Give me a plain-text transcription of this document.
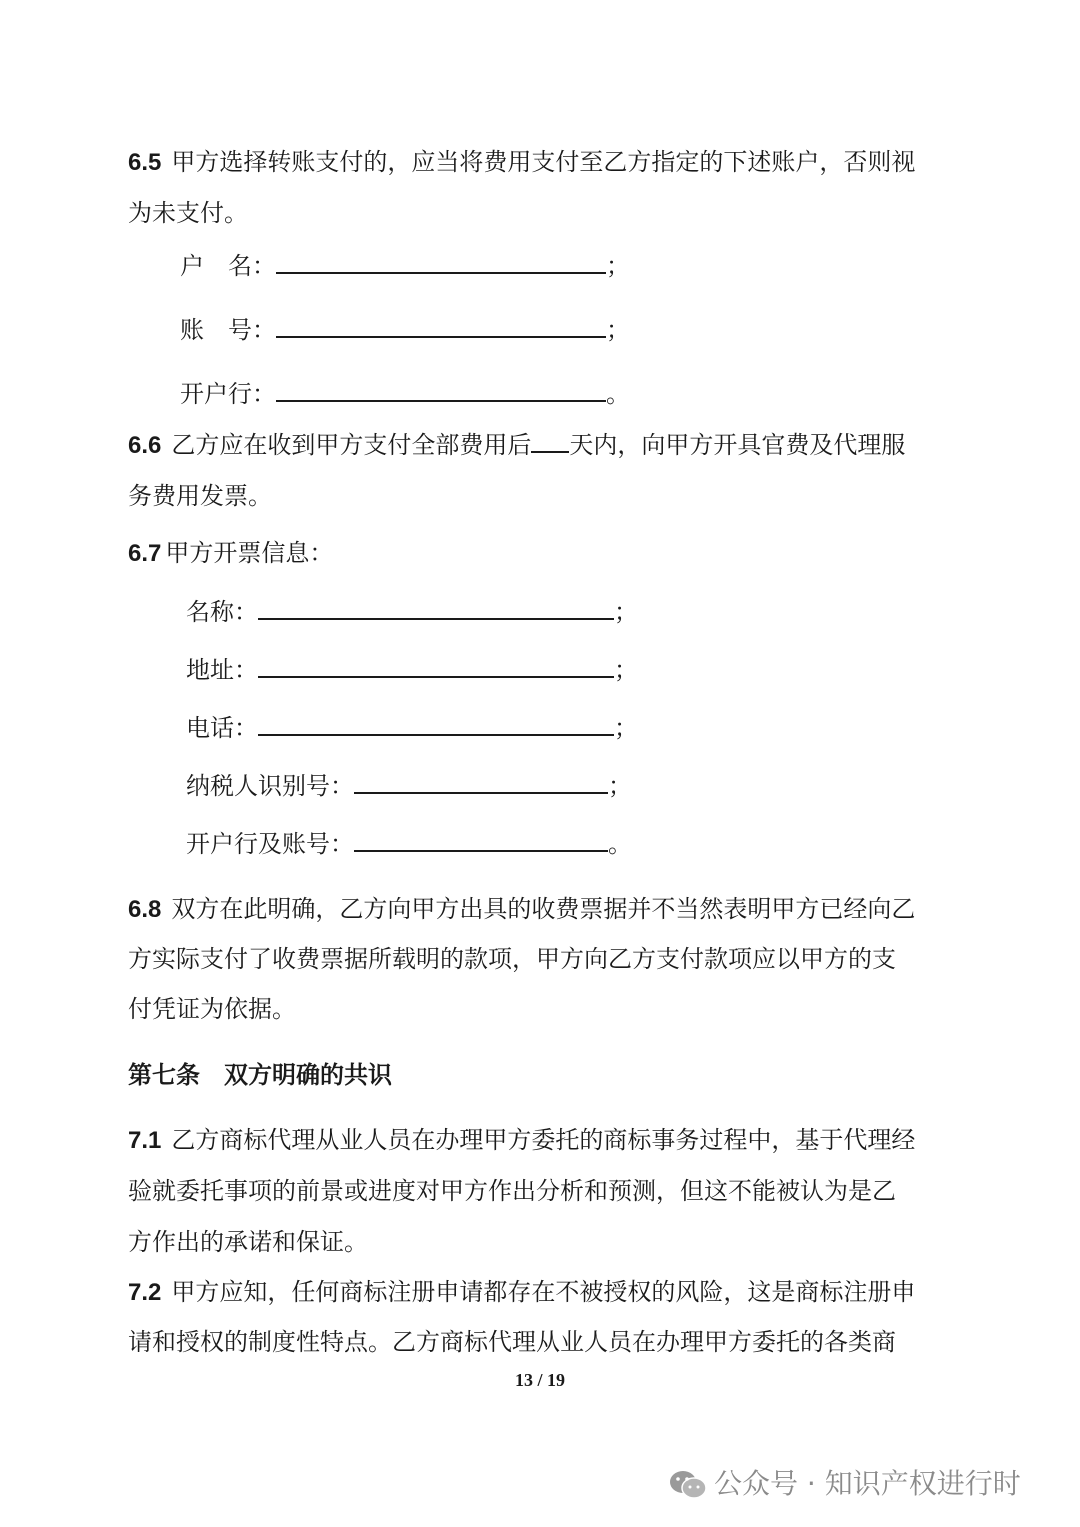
6.5 甲方选择转账支付的，应当将费用支付至乙方指定的下述账户，否则视
为未支付。
户　名：	；
账　号：	；
开户行：	。
6.6 乙方应在收到甲方支付全部费用后 天内，向甲方开具官费及代理服
务费用发票。
6.7 甲方开票信息：
名称：	；
地址：	；
电话：	；
纳税人识别号：	；
开户行及账号：	。
6.8 双方在此明确，乙方向甲方出具的收费票据并不当然表明甲方已经向乙
方实际支付了收费票据所载明的款项，甲方向乙方支付款项应以甲方的支
付凭证为依据。
第七条　双方明确的共识
7.1 乙方商标代理从业人员在办理甲方委托的商标事务过程中，基于代理经
验就委托事项的前景或进度对甲方作出分析和预测，但这不能被认为是乙
方作出的承诺和保证。
7.2 甲方应知，任何商标注册申请都存在不被授权的风险，这是商标注册申
请和授权的制度性特点。乙方商标代理从业人员在办理甲方委托的各类商
13 / 19
公众号 · 知识产权进行时
